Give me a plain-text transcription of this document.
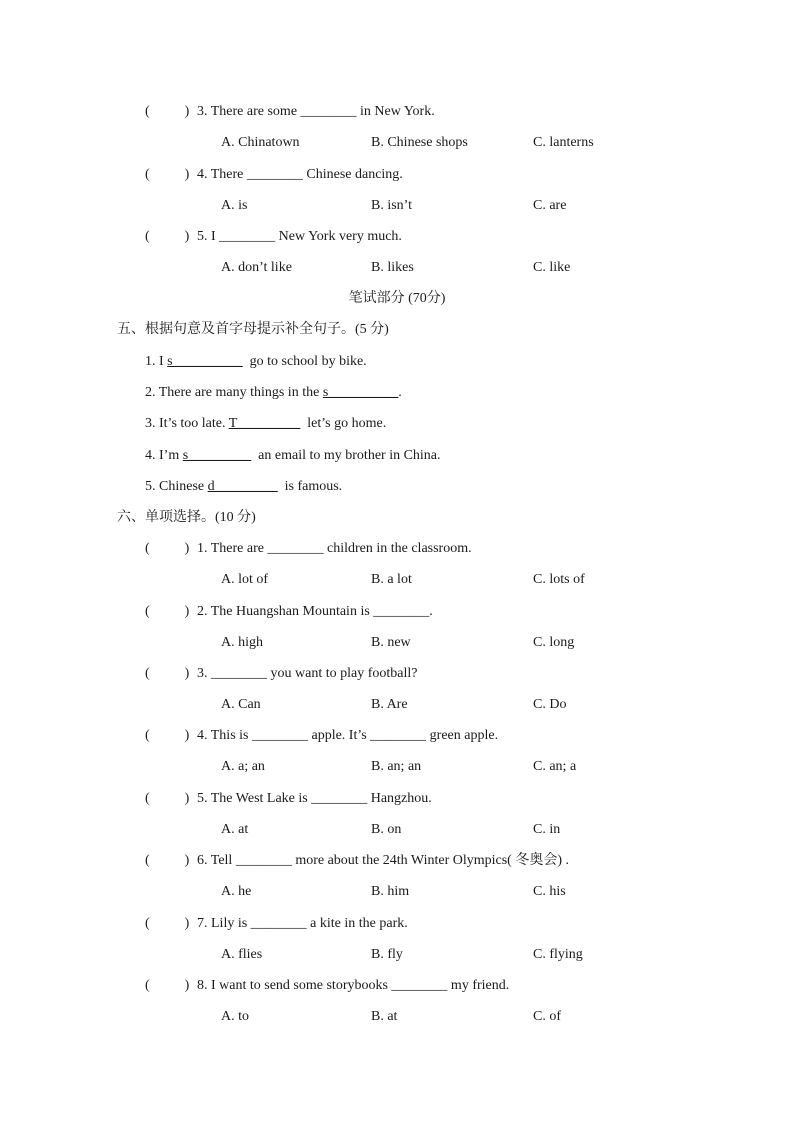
(          ) 3. There are some ________ in New York.
A. Chinatown	B. Chinese shops	C. lanterns
(          ) 4. There ________ Chinese dancing.
A. is	B. isn’t	C. are
(          ) 5. I ________ New York very much.
A. don’t like	B. likes	C. like
笔试部分 (70分)
五、根据句意及首字母提示补全句子。(5 分)
1. I s__________  go to school by bike.
2. There are many things in the s__________.
3. It’s too late. T_________  let’s go home.
4. I’m s_________  an email to my brother in China.
5. Chinese d_________  is famous.
六、单项选择。(10 分)
(          ) 1. There are ________ children in the classroom.
A. lot of	B. a lot	C. lots of
(          ) 2. The Huangshan Mountain is ________.
A. high	B. new	C. long
(          ) 3. ________ you want to play football?
A. Can	B. Are	C. Do
(          ) 4. This is ________ apple. It’s ________ green apple.
A. a; an	B. an; an	C. an; a
(          ) 5. The West Lake is ________ Hangzhou.
A. at	B. on	C. in
(          ) 6. Tell ________ more about the 24th Winter Olympics( 冬奥会) .
A. he	B. him	C. his
(          ) 7. Lily is ________ a kite in the park.
A. flies	B. fly	C. flying
(          ) 8. I want to send some storybooks ________ my friend.
A. to	B. at	C. of
